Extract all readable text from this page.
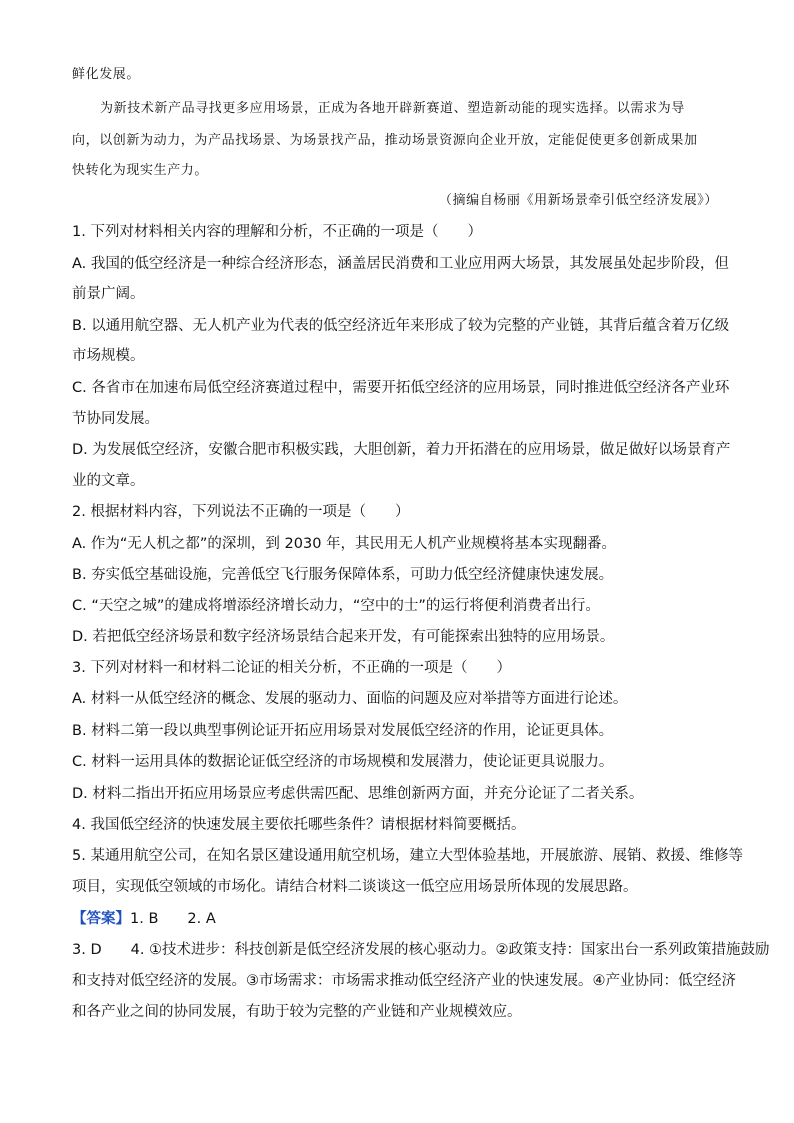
鲜化发展。
为新技术新产品寻找更多应用场景，正成为各地开辟新赛道、塑造新动能的现实选择。以需求为导
向，以创新为动力，为产品找场景、为场景找产品，推动场景资源向企业开放，定能促使更多创新成果加
快转化为现实生产力。
（摘编自杨丽《用新场景牵引低空经济发展》）
1. 下列对材料相关内容的理解和分析，不正确的一项是（　　）
A. 我国的低空经济是一种综合经济形态，涵盖居民消费和工业应用两大场景，其发展虽处起步阶段，但
前景广阔。
B. 以通用航空器、无人机产业为代表的低空经济近年来形成了较为完整的产业链，其背后蕴含着万亿级
市场规模。
C. 各省市在加速布局低空经济赛道过程中，需要开拓低空经济的应用场景，同时推进低空经济各产业环
节协同发展。
D. 为发展低空经济，安徽合肥市积极实践，大胆创新，着力开拓潜在的应用场景，做足做好以场景育产
业的文章。
2. 根据材料内容，下列说法不正确的一项是（　　）
A. 作为“无人机之都”的深圳，到 2030 年，其民用无人机产业规模将基本实现翻番。
B. 夯实低空基础设施，完善低空飞行服务保障体系，可助力低空经济健康快速发展。
C. “天空之城”的建成将增添经济增长动力，“空中的士”的运行将便利消费者出行。
D. 若把低空经济场景和数字经济场景结合起来开发，有可能探索出独特的应用场景。
3. 下列对材料一和材料二论证的相关分析，不正确的一项是（　　）
A. 材料一从低空经济的概念、发展的驱动力、面临的问题及应对举措等方面进行论述。
B. 材料二第一段以典型事例论证开拓应用场景对发展低空经济的作用，论证更具体。
C. 材料一运用具体的数据论证低空经济的市场规模和发展潜力，使论证更具说服力。
D. 材料二指出开拓应用场景应考虑供需匹配、思维创新两方面，并充分论证了二者关系。
4. 我国低空经济的快速发展主要依托哪些条件？请根据材料简要概括。
5. 某通用航空公司，在知名景区建设通用航空机场，建立大型体验基地，开展旅游、展销、救援、维修等
项目，实现低空领域的市场化。请结合材料二谈谈这一低空应用场景所体现的发展思路。
【答案】1. B　　2. A
3. D　　4. ①技术进步：科技创新是低空经济发展的核心驱动力。②政策支持：国家出台一系列政策措施鼓励
和支持对低空经济的发展。③市场需求：市场需求推动低空经济产业的快速发展。④产业协同：低空经济
和各产业之间的协同发展，有助于较为完整的产业链和产业规模效应。
